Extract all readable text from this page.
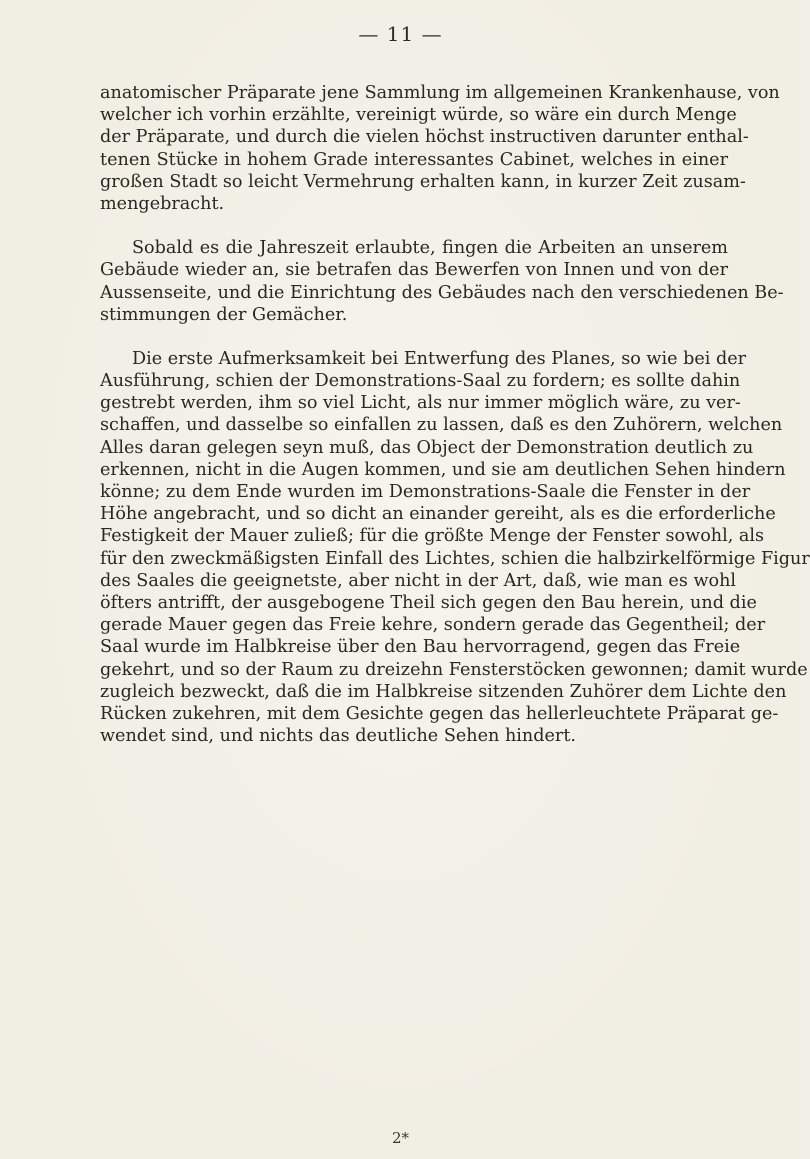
— 11 —
anatomischer Präparate jene Sammlung im allgemeinen Krankenhause, von
welcher ich vorhin erzählte, vereinigt würde, so wäre ein durch Menge
der Präparate, und durch die vielen höchst instructiven darunter enthal-
tenen Stücke in hohem Grade interessantes Cabinet, welches in einer
großen Stadt so leicht Vermehrung erhalten kann, in kurzer Zeit zusam-
mengebracht.
Sobald es die Jahreszeit erlaubte, fingen die Arbeiten an unserem
Gebäude wieder an, sie betrafen das Bewerfen von Innen und von der
Aussenseite, und die Einrichtung des Gebäudes nach den verschiedenen Be-
stimmungen der Gemächer.
Die erste Aufmerksamkeit bei Entwerfung des Planes, so wie bei der
Ausführung, schien der Demonstrations-Saal zu fordern; es sollte dahin
gestrebt werden, ihm so viel Licht, als nur immer möglich wäre, zu ver-
schaffen, und dasselbe so einfallen zu lassen, daß es den Zuhörern, welchen
Alles daran gelegen seyn muß, das Object der Demonstration deutlich zu
erkennen, nicht in die Augen kommen, und sie am deutlichen Sehen hindern
könne; zu dem Ende wurden im Demonstrations-Saale die Fenster in der
Höhe angebracht, und so dicht an einander gereiht, als es die erforderliche
Festigkeit der Mauer zuließ; für die größte Menge der Fenster sowohl, als
für den zweckmäßigsten Einfall des Lichtes, schien die halbzirkelförmige Figur
des Saales die geeignetste, aber nicht in der Art, daß, wie man es wohl
öfters antrifft, der ausgebogene Theil sich gegen den Bau herein, und die
gerade Mauer gegen das Freie kehre, sondern gerade das Gegentheil; der
Saal wurde im Halbkreise über den Bau hervorragend, gegen das Freie
gekehrt, und so der Raum zu dreizehn Fensterstöcken gewonnen; damit wurde
zugleich bezweckt, daß die im Halbkreise sitzenden Zuhörer dem Lichte den
Rücken zukehren, mit dem Gesichte gegen das hellerleuchtete Präparat ge-
wendet sind, und nichts das deutliche Sehen hindert.
2*
